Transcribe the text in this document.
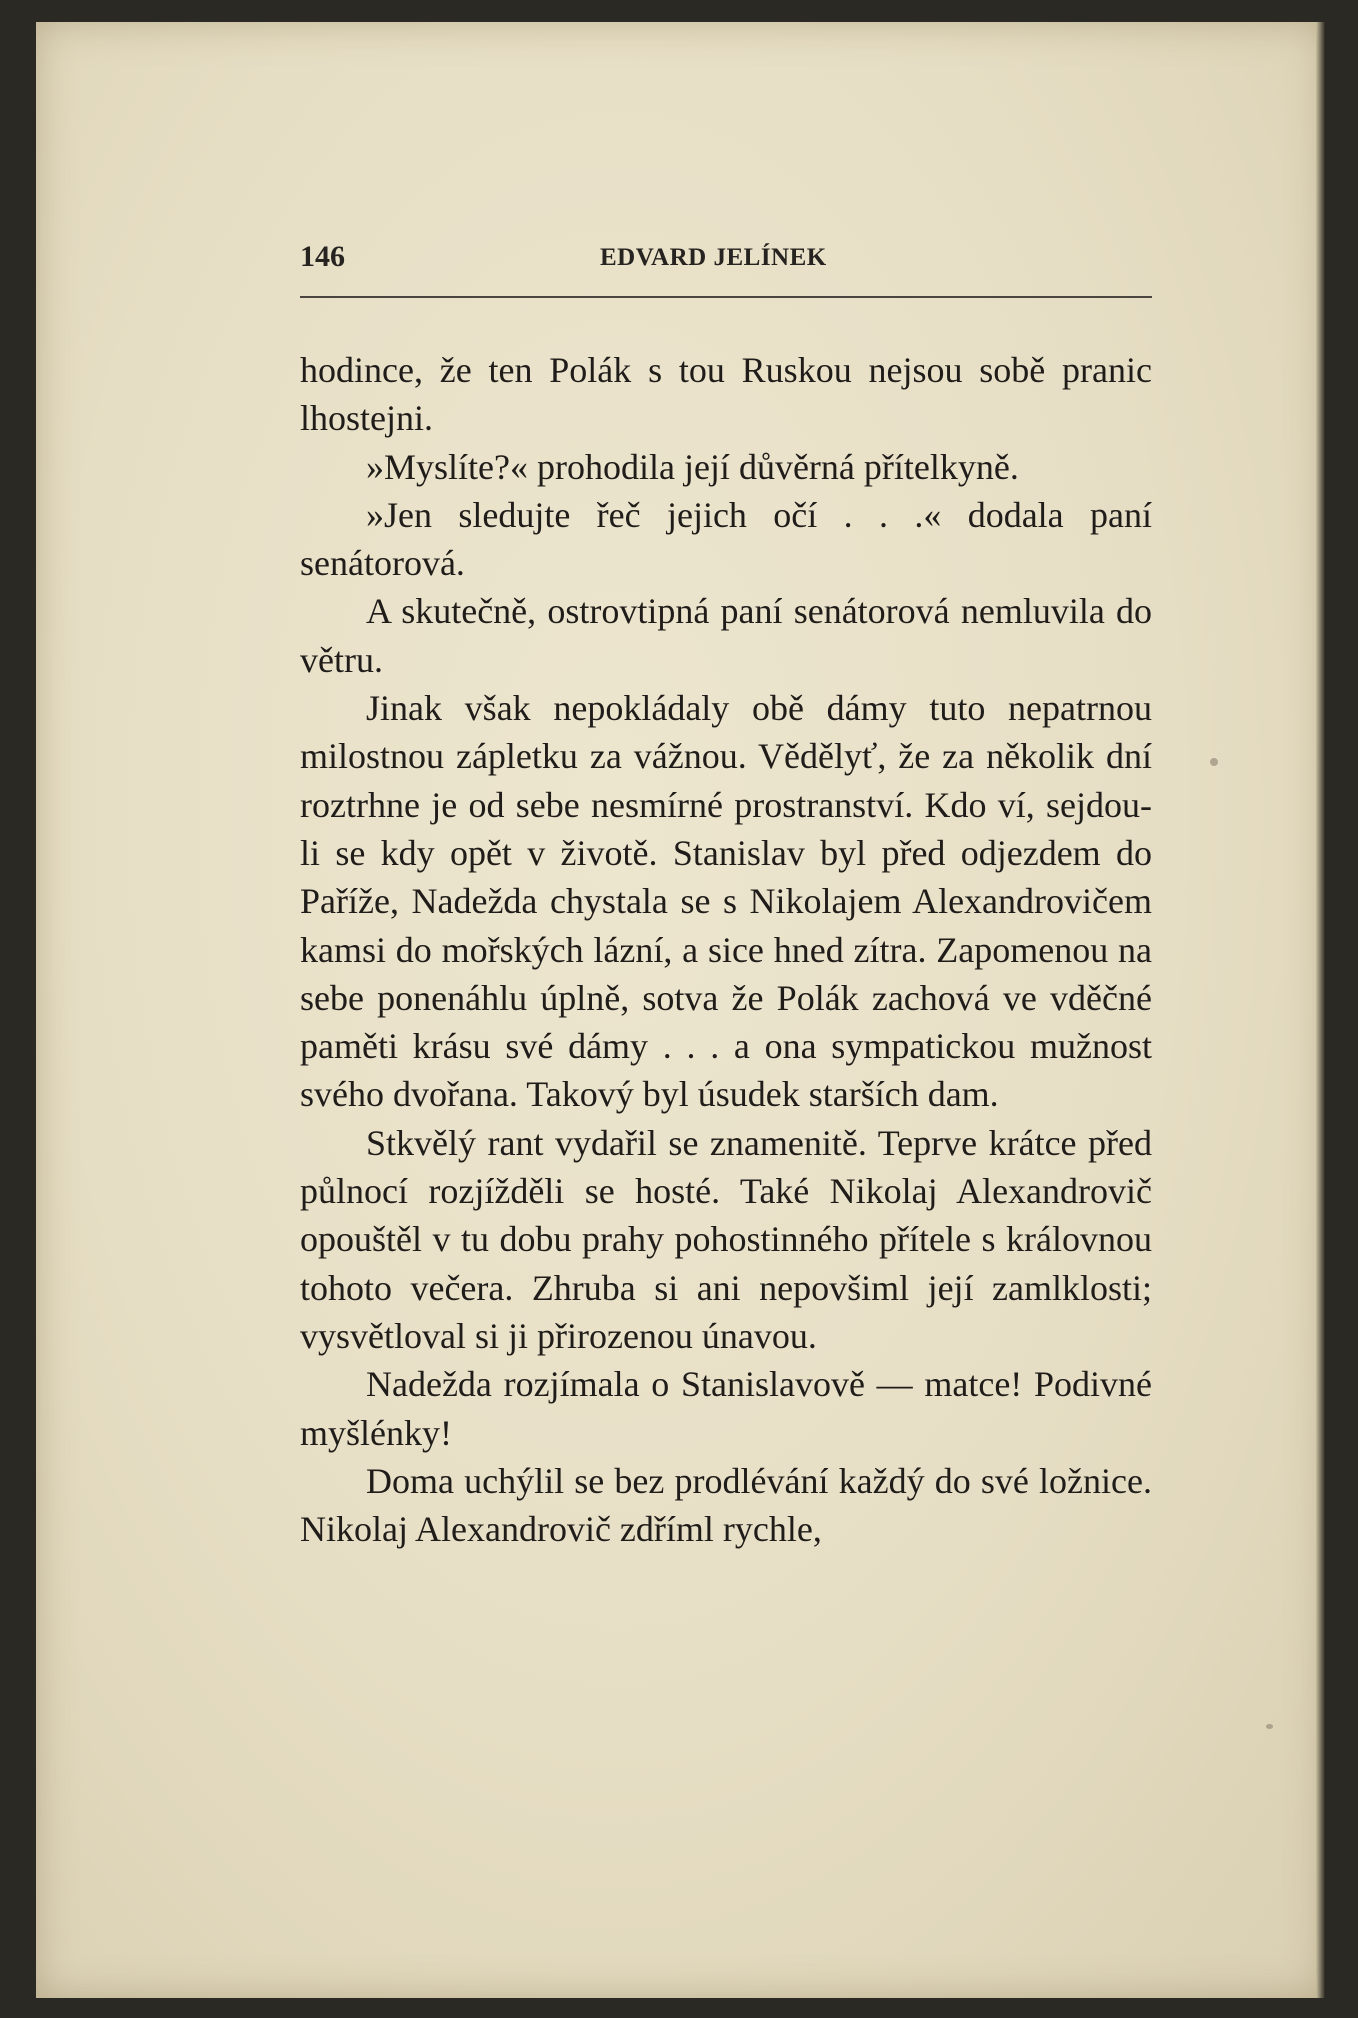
146	EDVARD JELÍNEK

hodince, že ten Polák s tou Ruskou nejsou sobě pranic lhostejni.

»Myslíte?« prohodila její důvěrná přítelkyně.

»Jen sledujte řeč jejich očí . . .« dodala paní senátorová.

A skutečně, ostrovtipná paní senátorová nemluvila do větru.

Jinak však nepokládaly obě dámy tuto nepatrnou milostnou zápletku za vážnou. Vědělyť, že za několik dní roztrhne je od sebe nesmírné prostranství. Kdo ví, sejdou-li se kdy opět v životě. Stanislav byl před odjezdem do Paříže, Nadežda chystala se s Nikolajem Alexandrovičem kamsi do mořských lázní, a sice hned zítra. Zapomenou na sebe ponenáhlu úplně, sotva že Polák zachová ve vděčné paměti krásu své dámy . . . a ona sympatickou mužnost svého dvořana. Takový byl úsudek starších dam.

Stkvělý rant vydařil se znamenitě. Teprve krátce před půlnocí rozjížděli se hosté. Také Nikolaj Alexandrovič opouštěl v tu dobu prahy pohostinného přítele s královnou tohoto večera. Zhruba si ani nepovšiml její zamlklosti; vysvětloval si ji přirozenou únavou.

Nadežda rozjímala o Stanislavově — matce! Podivné myšlénky!

Doma uchýlil se bez prodlévání každý do své ložnice. Nikolaj Alexandrovič zdříml rychle,
